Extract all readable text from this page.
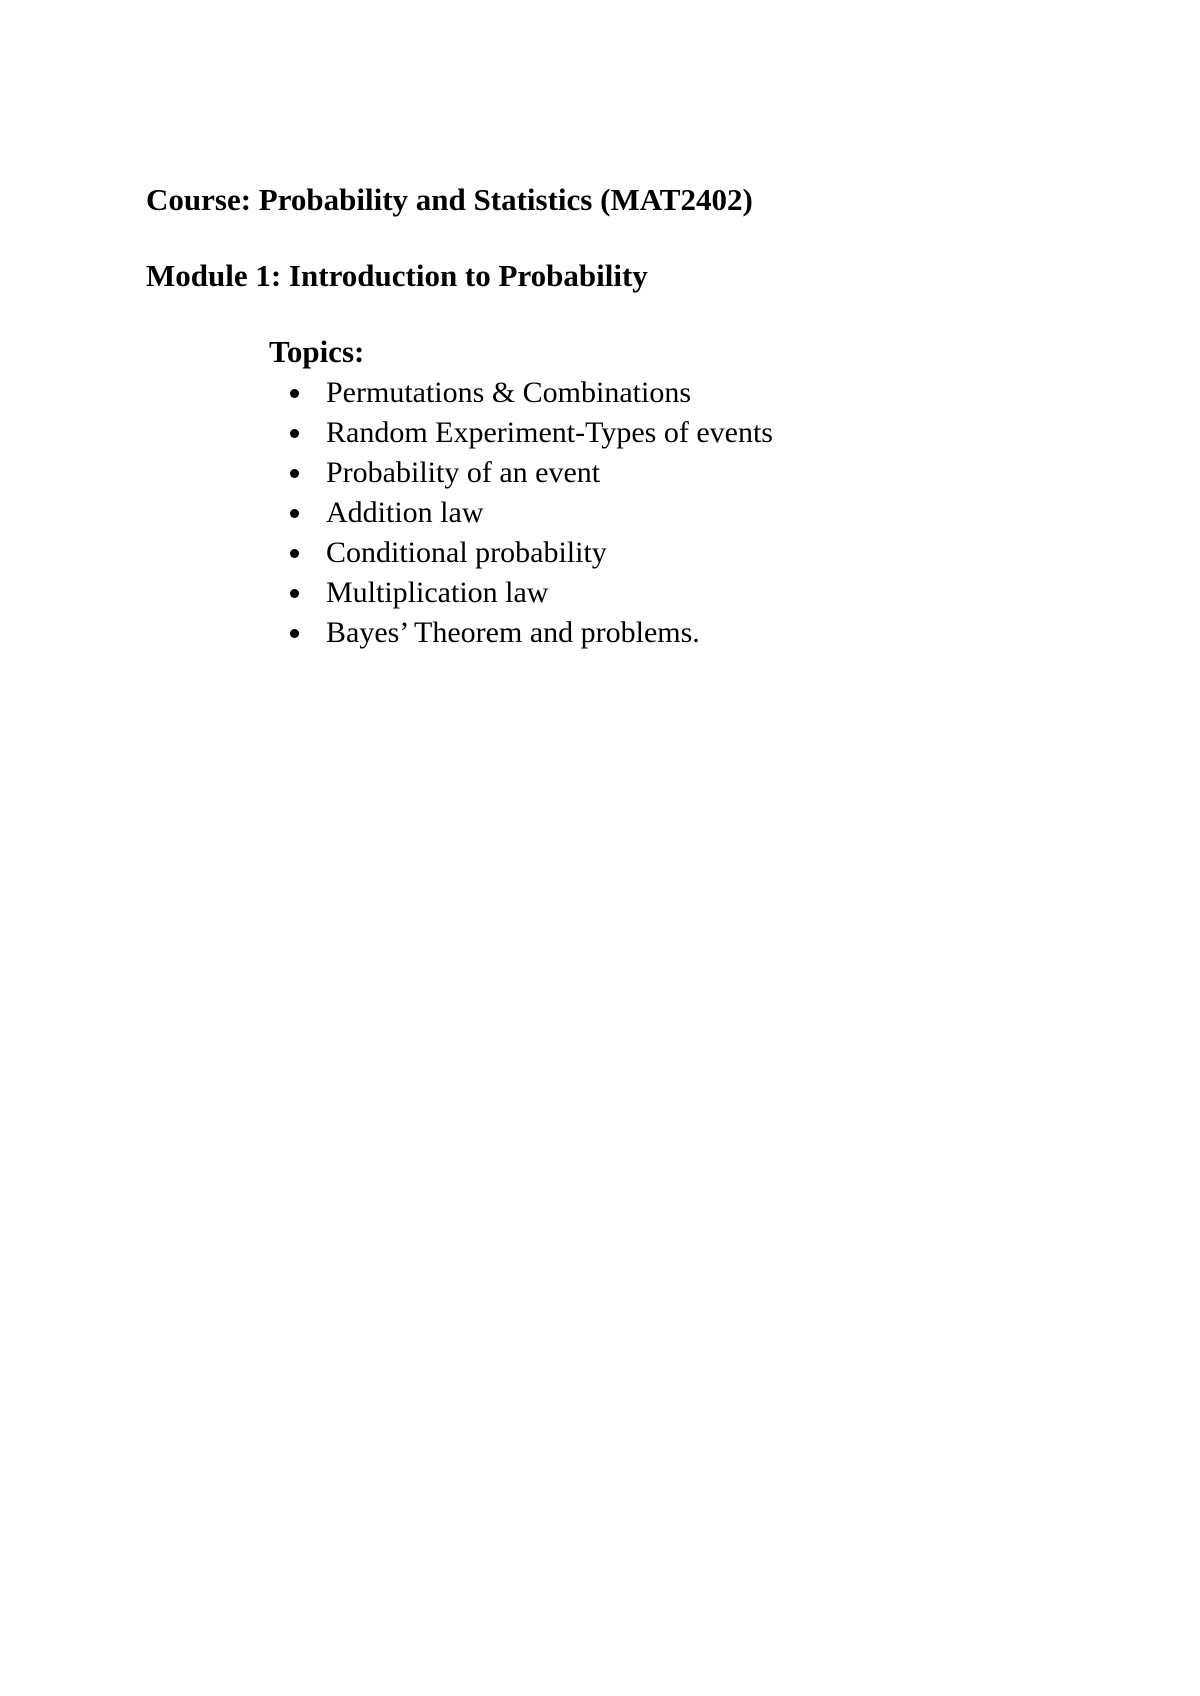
Course: Probability and Statistics (MAT2402)
Module 1: Introduction to Probability
Topics:
Permutations & Combinations
Random Experiment-Types of events
Probability of an event
Addition law
Conditional probability
Multiplication law
Bayes’ Theorem and problems.
